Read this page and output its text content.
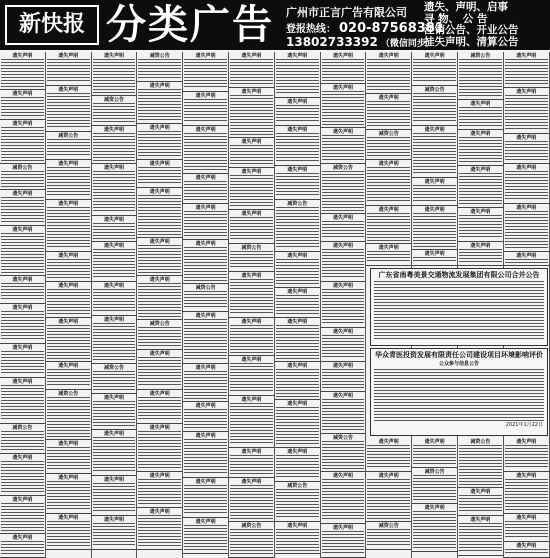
新快报 分类广告 广州市正言广告有限公司
登报热线： 020-87568381
13802733392 （微信同步）
遗失、声明、启事
寻 物、 公 告
注销公告、开业公告
挂失声明、清算公告
遗失声明
遗失声明
遗失声明
减资公告
遗失声明
遗失声明
遗失声明
遗失声明
遗失声明
遗失声明
减资公告
遗失声明
遗失声明
遗失声明
遗失声明
遗失声明
减资公告
遗失声明
遗失声明
遗失声明
遗失声明
遗失声明
遗失声明
减资公告
遗失声明
遗失声明
遗失声明
遗失声明
减资公告
遗失声明
遗失声明
遗失声明
遗失声明
遗失声明
遗失声明
减资公告
遗失声明
遗失声明
遗失声明
遗失声明
减资公告
遗失声明
遗失声明
遗失声明
遗失声明
遗失声明
遗失声明
减资公告
遗失声明
遗失声明
遗失声明
遗失声明
遗失声明
遗失声明
遗失声明
遗失声明
遗失声明
遗失声明
遗失声明
减资公告
遗失声明
遗失声明
遗失声明
遗失声明
遗失声明
遗失声明
遗失声明
遗失声明
遗失声明
遗失声明
遗失声明
减资公告
遗失声明
遗失声明
遗失声明
遗失声明
遗失声明
遗失声明
减资公告
遗失声明
遗失声明
遗失声明
遗失声明
减资公告
遗失声明
遗失声明
遗失声明
遗失声明
遗失声明
遗失声明
减资公告
遗失声明
遗失声明
遗失声明
遗失声明
减资公告
遗失声明
遗失声明
遗失声明
遗失声明
遗失声明
遗失声明
减资公告
遗失声明
遗失声明
遗失声明
遗失声明
减资公告
遗失声明
遗失声明
遗失声明
遗失声明
遗失声明
减资公告
遗失声明
减资公告
遗失声明
遗失声明
遗失声明
遗失声明
遗失声明
减资公告
遗失声明
减资公告
遗失声明
遗失声明
遗失声明
遗失声明
遗失声明
减资公告
遗失声明
遗失声明
遗失声明
遗失声明
遗失声明
遗失声明
遗失声明
遗失声明
遗失声明
遗失声明
遗失声明
遗失声明
广东省南粤美景交通物流发展集团有限公司合并公告
华众青医投资发展有限责任公司建设项目环境影响评价
公众参与信息公告
2021年1月22日
